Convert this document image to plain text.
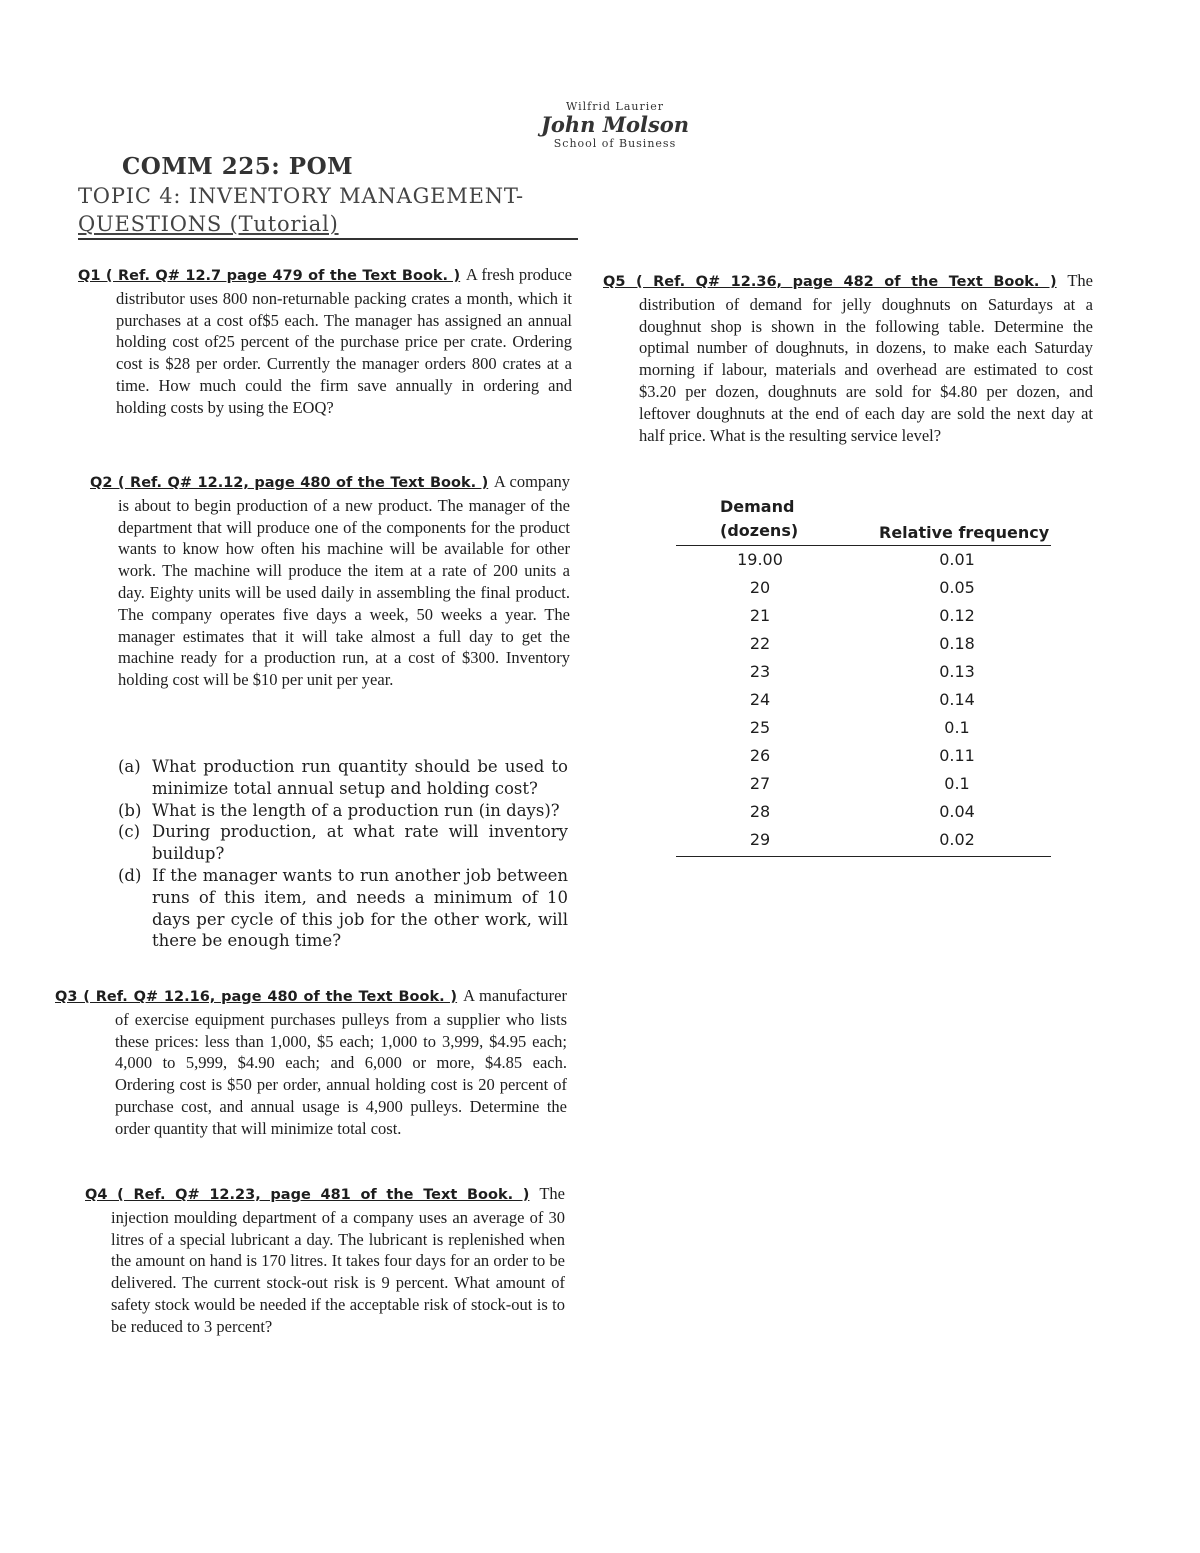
Wilfrid Laurier
John Molson
School of Business
COMM 225: POM
TOPIC 4: INVENTORY MANAGEMENT-
QUESTIONS (Tutorial)

Q1 ( Ref. Q# 12.7 page 479 of the Text Book. ) A fresh produce distributor uses 800 non-returnable packing crates a month, which it purchases at a cost of$5 each. The manager has assigned an annual holding cost of25 percent of the purchase price per crate. Ordering cost is $28 per order. Currently the manager orders 800 crates at a time. How much could the firm save annually in ordering and holding costs by using the EOQ?

Q2 ( Ref. Q# 12.12, page 480 of the Text Book. ) A company is about to begin production of a new product. The manager of the department that will produce one of the components for the product wants to know how often his machine will be available for other work. The machine will produce the item at a rate of 200 units a day. Eighty units will be used daily in assembling the final product. The company operates five days a week, 50 weeks a year. The manager estimates that it will take almost a full day to get the machine ready for a production run, at a cost of $300. Inventory holding cost will be $10 per unit per year.

(a) What production run quantity should be used to minimize total annual setup and holding cost?
(b) What is the length of a production run (in days)?
(c) During production, at what rate will inventory buildup?
(d) If the manager wants to run another job between runs of this item, and needs a minimum of 10 days per cycle of this job for the other work, will there be enough time?

Q3 ( Ref. Q# 12.16, page 480 of the Text Book. ) A manufacturer of exercise equipment purchases pulleys from a supplier who lists these prices: less than 1,000, $5 each; 1,000 to 3,999, $4.95 each; 4,000 to 5,999, $4.90 each; and 6,000 or more, $4.85 each. Ordering cost is $50 per order, annual holding cost is 20 percent of purchase cost, and annual usage is 4,900 pulleys. Determine the order quantity that will minimize total cost.

Q4 ( Ref. Q# 12.23, page 481 of the Text Book. ) The injection moulding department of a company uses an average of 30 litres of a special lubricant a day. The lubricant is replenished when the amount on hand is 170 litres. It takes four days for an order to be delivered. The current stock-out risk is 9 percent. What amount of safety stock would be needed if the acceptable risk of stock-out is to be reduced to 3 percent?

Q5 ( Ref. Q# 12.36, page 482 of the Text Book. ) The distribution of demand for jelly doughnuts on Saturdays at a doughnut shop is shown in the following table. Determine the optimal number of doughnuts, in dozens, to make each Saturday morning if labour, materials and overhead are estimated to cost $3.20 per dozen, doughnuts are sold for $4.80 per dozen, and leftover doughnuts at the end of each day are sold the next day at half price. What is the resulting service level?

Demand (dozens)	Relative frequency
19.00	0.01
20	0.05
21	0.12
22	0.18
23	0.13
24	0.14
25	0.1
26	0.11
27	0.1
28	0.04
29	0.02
